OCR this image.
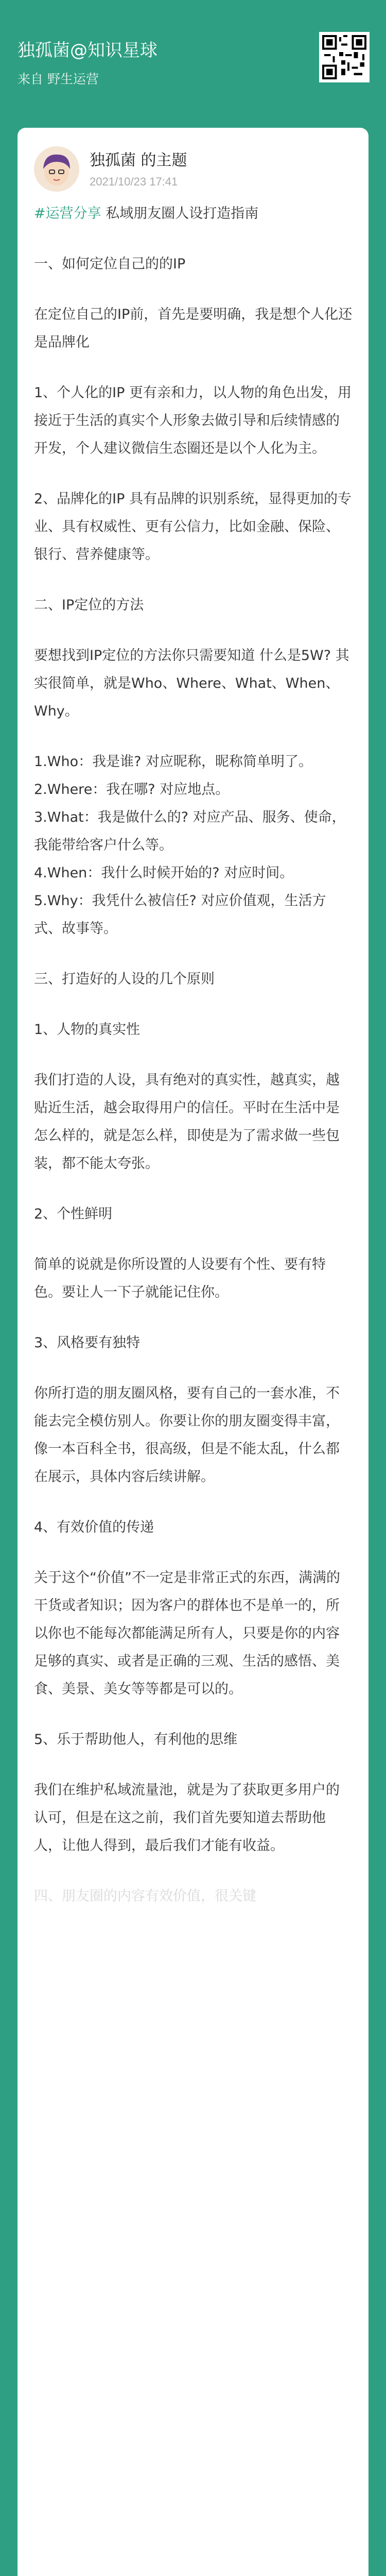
独孤菌@知识星球
来自 野生运营
独孤菌 的主题
2021/10/23 17:41

#运营分享 私域朋友圈人设打造指南

一、如何定位自己的的IP

在定位自己的IP前，首先是要明确，我是想个人化还是品牌化

1、个人化的IP 更有亲和力，以人物的角色出发，用接近于生活的真实个人形象去做引导和后续情感的开发，个人建议微信生态圈还是以个人化为主。

2、品牌化的IP 具有品牌的识别系统，显得更加的专业、具有权威性、更有公信力，比如金融、保险、银行、营养健康等。

二、IP定位的方法

要想找到IP定位的方法你只需要知道 什么是5W? 其实很简单，就是Who、Where、What、When、Why。

1.Who：我是谁? 对应昵称，昵称简单明了。
2.Where：我在哪? 对应地点。
3.What：我是做什么的? 对应产品、服务、使命，我能带给客户什么等。
4.When：我什么时候开始的? 对应时间。
5.Why：我凭什么被信任? 对应价值观，生活方式、故事等。

三、打造好的人设的几个原则

1、人物的真实性

我们打造的人设，具有绝对的真实性，越真实，越贴近生活，越会取得用户的信任。平时在生活中是怎么样的，就是怎么样，即使是为了需求做一些包装，都不能太夸张。

2、个性鲜明

简单的说就是你所设置的人设要有个性、要有特色。要让人一下子就能记住你。

3、风格要有独特

你所打造的朋友圈风格，要有自己的一套水准，不能去完全模仿别人。你要让你的朋友圈变得丰富，像一本百科全书，很高级，但是不能太乱，什么都在展示，具体内容后续讲解。

4、有效价值的传递

关于这个“价值”不一定是非常正式的东西，满满的干货或者知识；因为客户的群体也不是单一的，所以你也不能每次都能满足所有人，只要是你的内容足够的真实、或者是正确的三观、生活的感悟、美食、美景、美女等等都是可以的。

5、乐于帮助他人，有利他的思维

我们在维护私域流量池，就是为了获取更多用户的认可，但是在这之前，我们首先要知道去帮助他人，让他人得到，最后我们才能有收益。

四、朋友圈的内容有效价值，很关键
